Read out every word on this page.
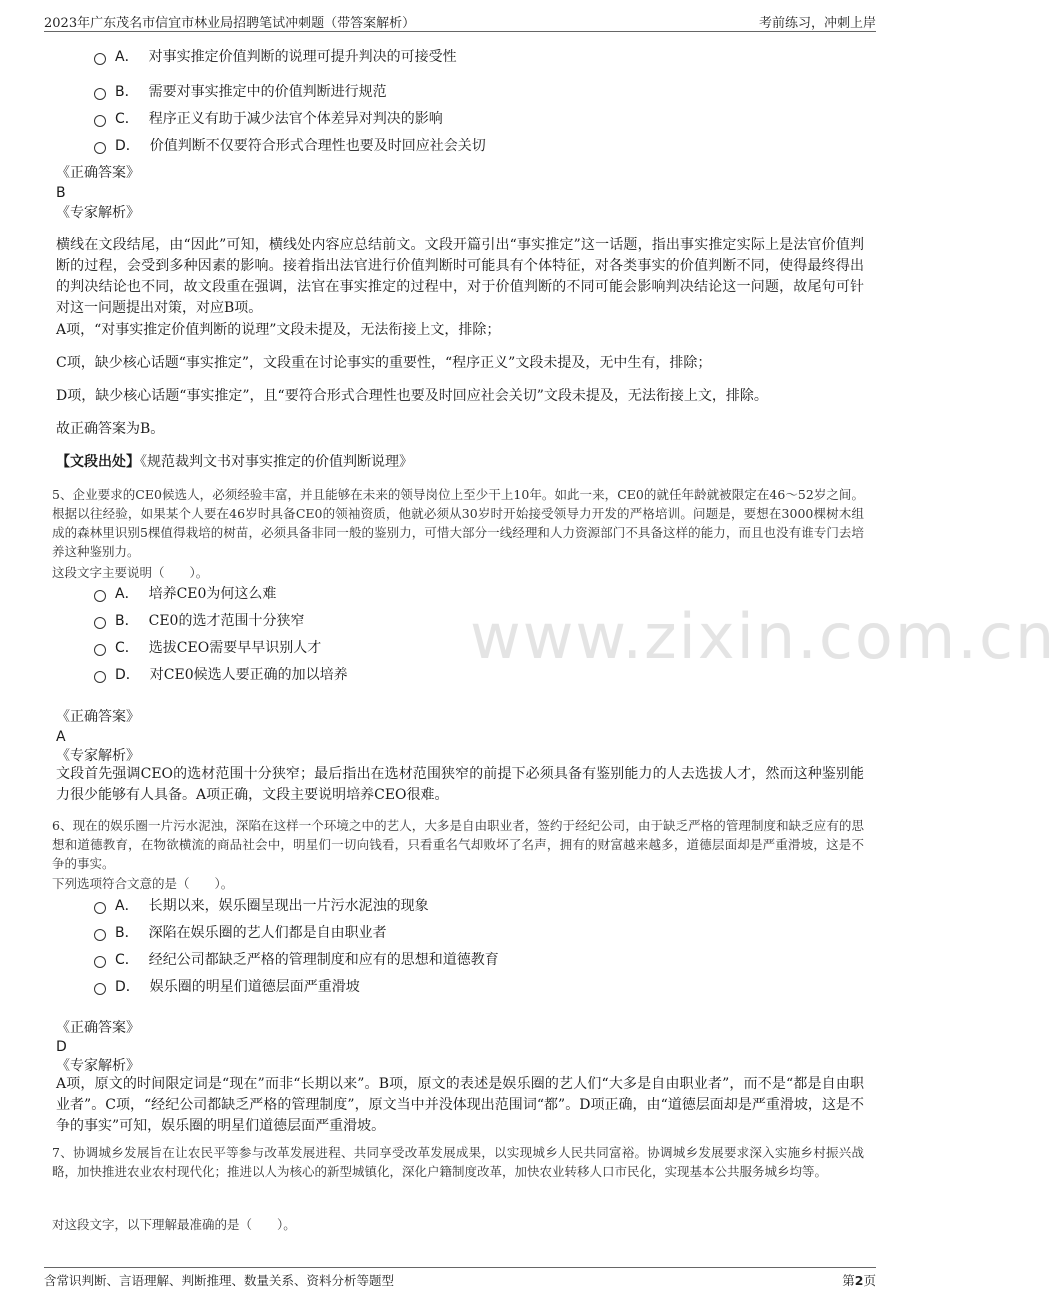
2023年广东茂名市信宜市林业局招聘笔试冲刺题（带答案解析）	考前练习，冲刺上岸
www.zixin.com.cn
A． 对事实推定价值判断的说理可提升判决的可接受性
B． 需要对事实推定中的价值判断进行规范
C． 程序正义有助于减少法官个体差异对判决的影响
D． 价值判断不仅要符合形式合理性也要及时回应社会关切
《正确答案》
B
《专家解析》
横线在文段结尾，由“因此”可知，横线处内容应总结前文。文段开篇引出“事实推定”这一话题，指出事实推定实际上是法官价值判断的过程，会受到多种因素的影响。接着指出法官进行价值判断时可能具有个体特征，对各类事实的价值判断不同，使得最终得出的判决结论也不同，故文段重在强调，法官在事实推定的过程中，对于价值判断的不同可能会影响判决结论这一问题，故尾句可针对这一问题提出对策，对应B项。
A项，“对事实推定价值判断的说理”文段未提及，无法衔接上文，排除；
C项，缺少核心话题“事实推定”，文段重在讨论事实的重要性，“程序正义”文段未提及，无中生有，排除；
D项，缺少核心话题“事实推定”，且“要符合形式合理性也要及时回应社会关切”文段未提及，无法衔接上文，排除。
故正确答案为B。
【文段出处】《规范裁判文书对事实推定的价值判断说理》
5、企业要求的CE0候选人，必须经验丰富，并且能够在未来的领导岗位上至少干上10年。如此一来，CE0的就任年龄就被限定在46～52岁之间。根据以往经验，如果某个人要在46岁时具备CE0的领袖资质，他就必须从30岁时开始接受领导力开发的严格培训。问题是，要想在3000棵树木组成的森林里识别5棵值得栽培的树苗，必须具备非同一般的鉴别力，可惜大部分一线经理和人力资源部门不具备这样的能力，而且也没有谁专门去培养这种鉴别力。
这段文字主要说明（　　）。
A． 培养CE0为何这么难
B． CE0的选才范围十分狭窄
C． 选拔CEO需要早早识别人才
D． 对CE0候选人要正确的加以培养
《正确答案》
A
《专家解析》
文段首先强调CEO的选材范围十分狭窄；最后指出在选材范围狭窄的前提下必须具备有鉴别能力的人去选拔人才，然而这种鉴别能力很少能够有人具备。A项正确，文段主要说明培养CEO很难。
6、现在的娱乐圈一片污水泥浊，深陷在这样一个环境之中的艺人，大多是自由职业者，签约于经纪公司，由于缺乏严格的管理制度和缺乏应有的思想和道德教育，在物欲横流的商品社会中，明星们一切向钱看，只看重名气却败坏了名声，拥有的财富越来越多，道德层面却是严重滑坡，这是不争的事实。
下列选项符合文意的是（　　）。
A． 长期以来，娱乐圈呈现出一片污水泥浊的现象
B． 深陷在娱乐圈的艺人们都是自由职业者
C． 经纪公司都缺乏严格的管理制度和应有的思想和道德教育
D． 娱乐圈的明星们道德层面严重滑坡
《正确答案》
D
《专家解析》
A项，原文的时间限定词是“现在”而非“长期以来”。B项，原文的表述是娱乐圈的艺人们“大多是自由职业者”，而不是“都是自由职业者”。C项，“经纪公司都缺乏严格的管理制度”，原文当中并没体现出范围词“都”。D项正确，由“道德层面却是严重滑坡，这是不争的事实”可知，娱乐圈的明星们道德层面严重滑坡。
7、协调城乡发展旨在让农民平等参与改革发展进程、共同享受改革发展成果，以实现城乡人民共同富裕。协调城乡发展要求深入实施乡村振兴战略，加快推进农业农村现代化；推进以人为核心的新型城镇化，深化户籍制度改革，加快农业转移人口市民化，实现基本公共服务城乡均等。
对这段文字，以下理解最准确的是（　　）。
含常识判断、言语理解、判断推理、数量关系、资料分析等题型	第2页
